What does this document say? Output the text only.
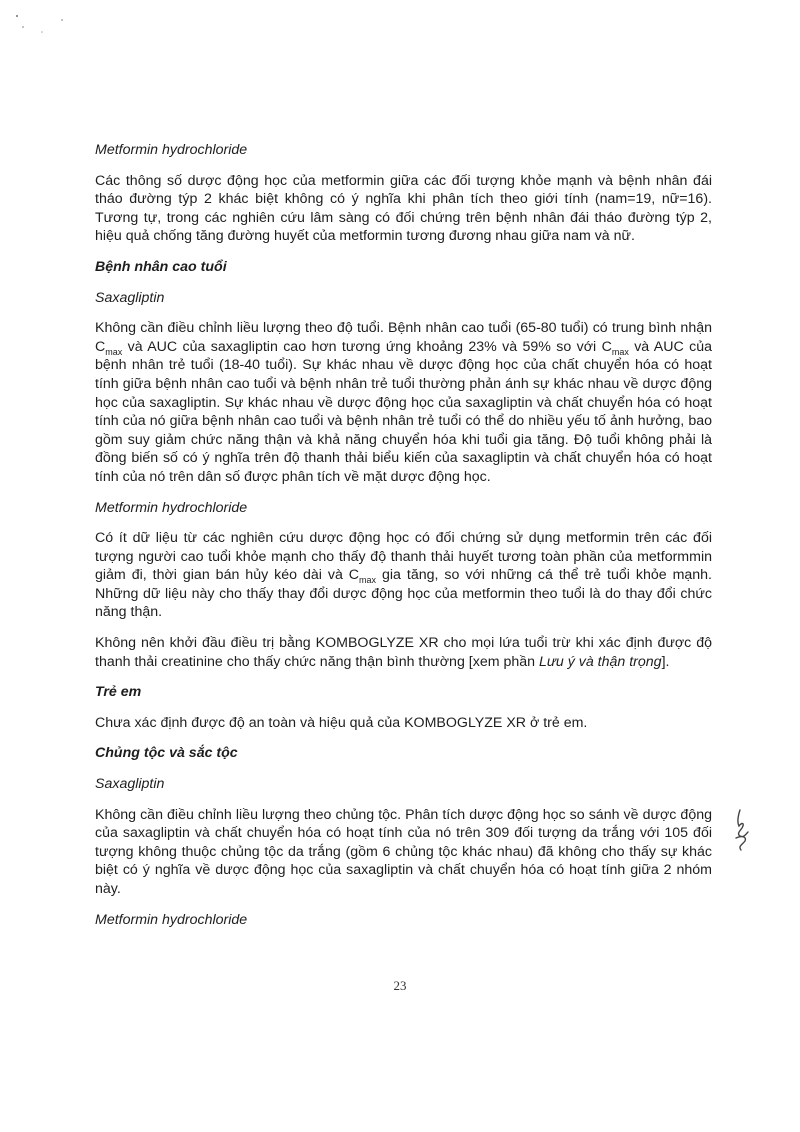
Metformin hydrochloride

Các thông số dược động học của metformin giữa các đối tượng khỏe mạnh và bệnh nhân đái tháo đường týp 2 khác biệt không có ý nghĩa khi phân tích theo giới tính (nam=19, nữ=16). Tương tự, trong các nghiên cứu lâm sàng có đối chứng trên bệnh nhân đái tháo đường týp 2, hiệu quả chống tăng đường huyết của metformin tương đương nhau giữa nam và nữ.

Bệnh nhân cao tuổi

Saxagliptin

Không cần điều chỉnh liều lượng theo độ tuổi. Bệnh nhân cao tuổi (65-80 tuổi) có trung bình nhận $C_{max}$ và AUC của saxagliptin cao hơn tương ứng khoảng 23% và 59% so với $C_{max}$ và AUC của bệnh nhân trẻ tuổi (18-40 tuổi). Sự khác nhau về dược động học của chất chuyển hóa có hoạt tính giữa bệnh nhân cao tuổi và bệnh nhân trẻ tuổi thường phản ánh sự khác nhau về dược động học của saxagliptin. Sự khác nhau về dược động học của saxagliptin và chất chuyển hóa có hoạt tính của nó giữa bệnh nhân cao tuổi và bệnh nhân trẻ tuổi có thể do nhiều yếu tố ảnh hưởng, bao gồm suy giảm chức năng thận và khả năng chuyển hóa khi tuổi gia tăng. Độ tuổi không phải là đồng biến số có ý nghĩa trên độ thanh thải biểu kiến của saxagliptin và chất chuyển hóa có hoạt tính của nó trên dân số được phân tích về mặt dược động học.

Metformin hydrochloride

Có ít dữ liệu từ các nghiên cứu dược động học có đối chứng sử dụng metformin trên các đối tượng người cao tuổi khỏe mạnh cho thấy độ thanh thải huyết tương toàn phần của metformmin giảm đi, thời gian bán hủy kéo dài và $C_{max}$ gia tăng, so với những cá thể trẻ tuổi khỏe mạnh. Những dữ liệu này cho thấy thay đổi dược động học của metformin theo tuổi là do thay đổi chức năng thận.

Không nên khởi đầu điều trị bằng KOMBOGLYZE XR cho mọi lứa tuổi trừ khi xác định được độ thanh thải creatinine cho thấy chức năng thận bình thường [xem phần Lưu ý và thận trọng].

Trẻ em

Chưa xác định được độ an toàn và hiệu quả của KOMBOGLYZE XR ở trẻ em.

Chủng tộc và sắc tộc

Saxagliptin

Không cần điều chỉnh liều lượng theo chủng tộc. Phân tích dược động học so sánh về dược động của saxagliptin và chất chuyển hóa có hoạt tính của nó trên 309 đối tượng da trắng với 105 đối tượng không thuộc chủng tộc da trắng (gồm 6 chủng tộc khác nhau) đã không cho thấy sự khác biệt có ý nghĩa về dược động học của saxagliptin và chất chuyển hóa có hoạt tính giữa 2 nhóm này.

Metformin hydrochloride

23
